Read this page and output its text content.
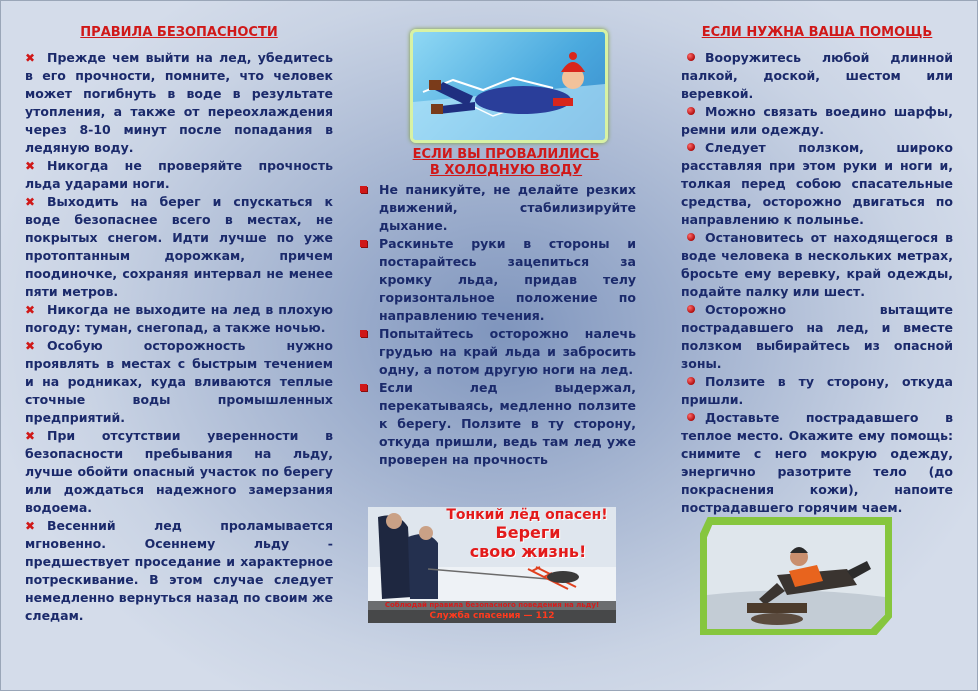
ПРАВИЛА БЕЗОПАСНОСТИ

✖ Прежде чем выйти на лед, убедитесь в его прочности, помните, что человек может погибнуть в воде в результате утопления, а также от переохлаждения через 8-10 минут после попадания в ледяную воду.

✖ Никогда не проверяйте прочность льда ударами ноги.

✖ Выходить на берег и спускаться к воде безопаснее всего в местах, не покрытых снегом. Идти лучше по уже протоптанным дорожкам, причем поодиночке, сохраняя интервал не менее пяти метров.

✖ Никогда не выходите на лед в плохую погоду: туман, снегопад, а также ночью.

✖ Особую осторожность нужно проявлять в местах с быстрым течением и на родниках, куда вливаются теплые сточные воды промышленных предприятий.

✖ При отсутствии уверенности в безопасности пребывания на льду, лучше обойти опасный участок по берегу или дождаться надежного замерзания водоема.

✖ Весенний лед проламывается мгновенно. Осеннему льду - предшествует проседание и характерное потрескивание. В этом случае следует немедленно вернуться назад по своим же следам.

ЕСЛИ ВЫ ПРОВАЛИЛИСЬ
В ХОЛОДНУЮ ВОДУ
Не паникуйте, не делайте резких движений, стабилизируйте дыхание.
Раскиньте руки в стороны и постарайтесь зацепиться за кромку льда, придав телу горизонтальное положение по направлению течения.
Попытайтесь осторожно налечь грудью на край льда и забросить одну, а потом другую ноги на лед.
Если лед выдержал, перекатываясь, медленно ползите к берегу. Ползите в ту сторону, откуда пришли, ведь там лед уже проверен на прочность
Тонкий лёд опасен!
Береги
свою жизнь!
Соблюдай правила безопасного поведения на льду!
Служба спасения — 112
ЕСЛИ НУЖНА ВАША ПОМОЩЬ

Вооружитесь любой длинной палкой, доской, шестом или веревкой.

Можно связать воедино шарфы, ремни или одежду.

Следует ползком, широко расставляя при этом руки и ноги и, толкая перед собою спасательные средства, осторожно двигаться по направлению к полынье.

Остановитесь от находящегося в воде человека в нескольких метрах, бросьте ему веревку, край одежды, подайте палку или шест.

Осторожно вытащите пострадавшего на лед, и вместе ползком выбирайтесь из опасной зоны.

Ползите в ту сторону, откуда пришли.

Доставьте пострадавшего в теплое место. Окажите ему помощь: снимите с него мокрую одежду, энергично разотрите тело (до покраснения кожи), напоите пострадавшего горячим чаем.
